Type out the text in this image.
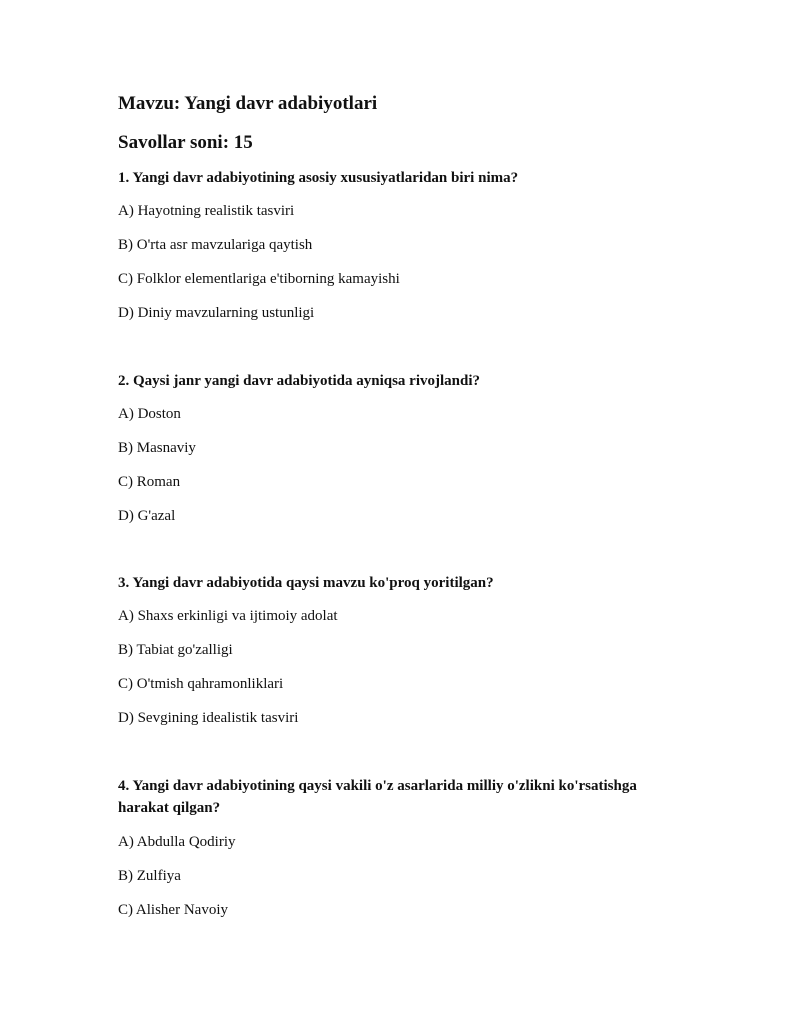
Mavzu: Yangi davr adabiyotlari
Savollar soni: 15

1. Yangi davr adabiyotining asosiy xususiyatlaridan biri nima?

A) Hayotning realistik tasviri
B) O'rta asr mavzulariga qaytish
C) Folklor elementlariga e'tiborning kamayishi
D) Diniy mavzularning ustunligi

2. Qaysi janr yangi davr adabiyotida ayniqsa rivojlandi?

A) Doston
B) Masnaviy
C) Roman
D) G'azal

3. Yangi davr adabiyotida qaysi mavzu ko'proq yoritilgan?

A) Shaxs erkinligi va ijtimoiy adolat
B) Tabiat go'zalligi
C) O'tmish qahramonliklari
D) Sevgining idealistik tasviri

4. Yangi davr adabiyotining qaysi vakili o'z asarlarida milliy o'zlikni ko'rsatishga harakat qilgan?

A) Abdulla Qodiriy
B) Zulfiya
C) Alisher Navoiy
